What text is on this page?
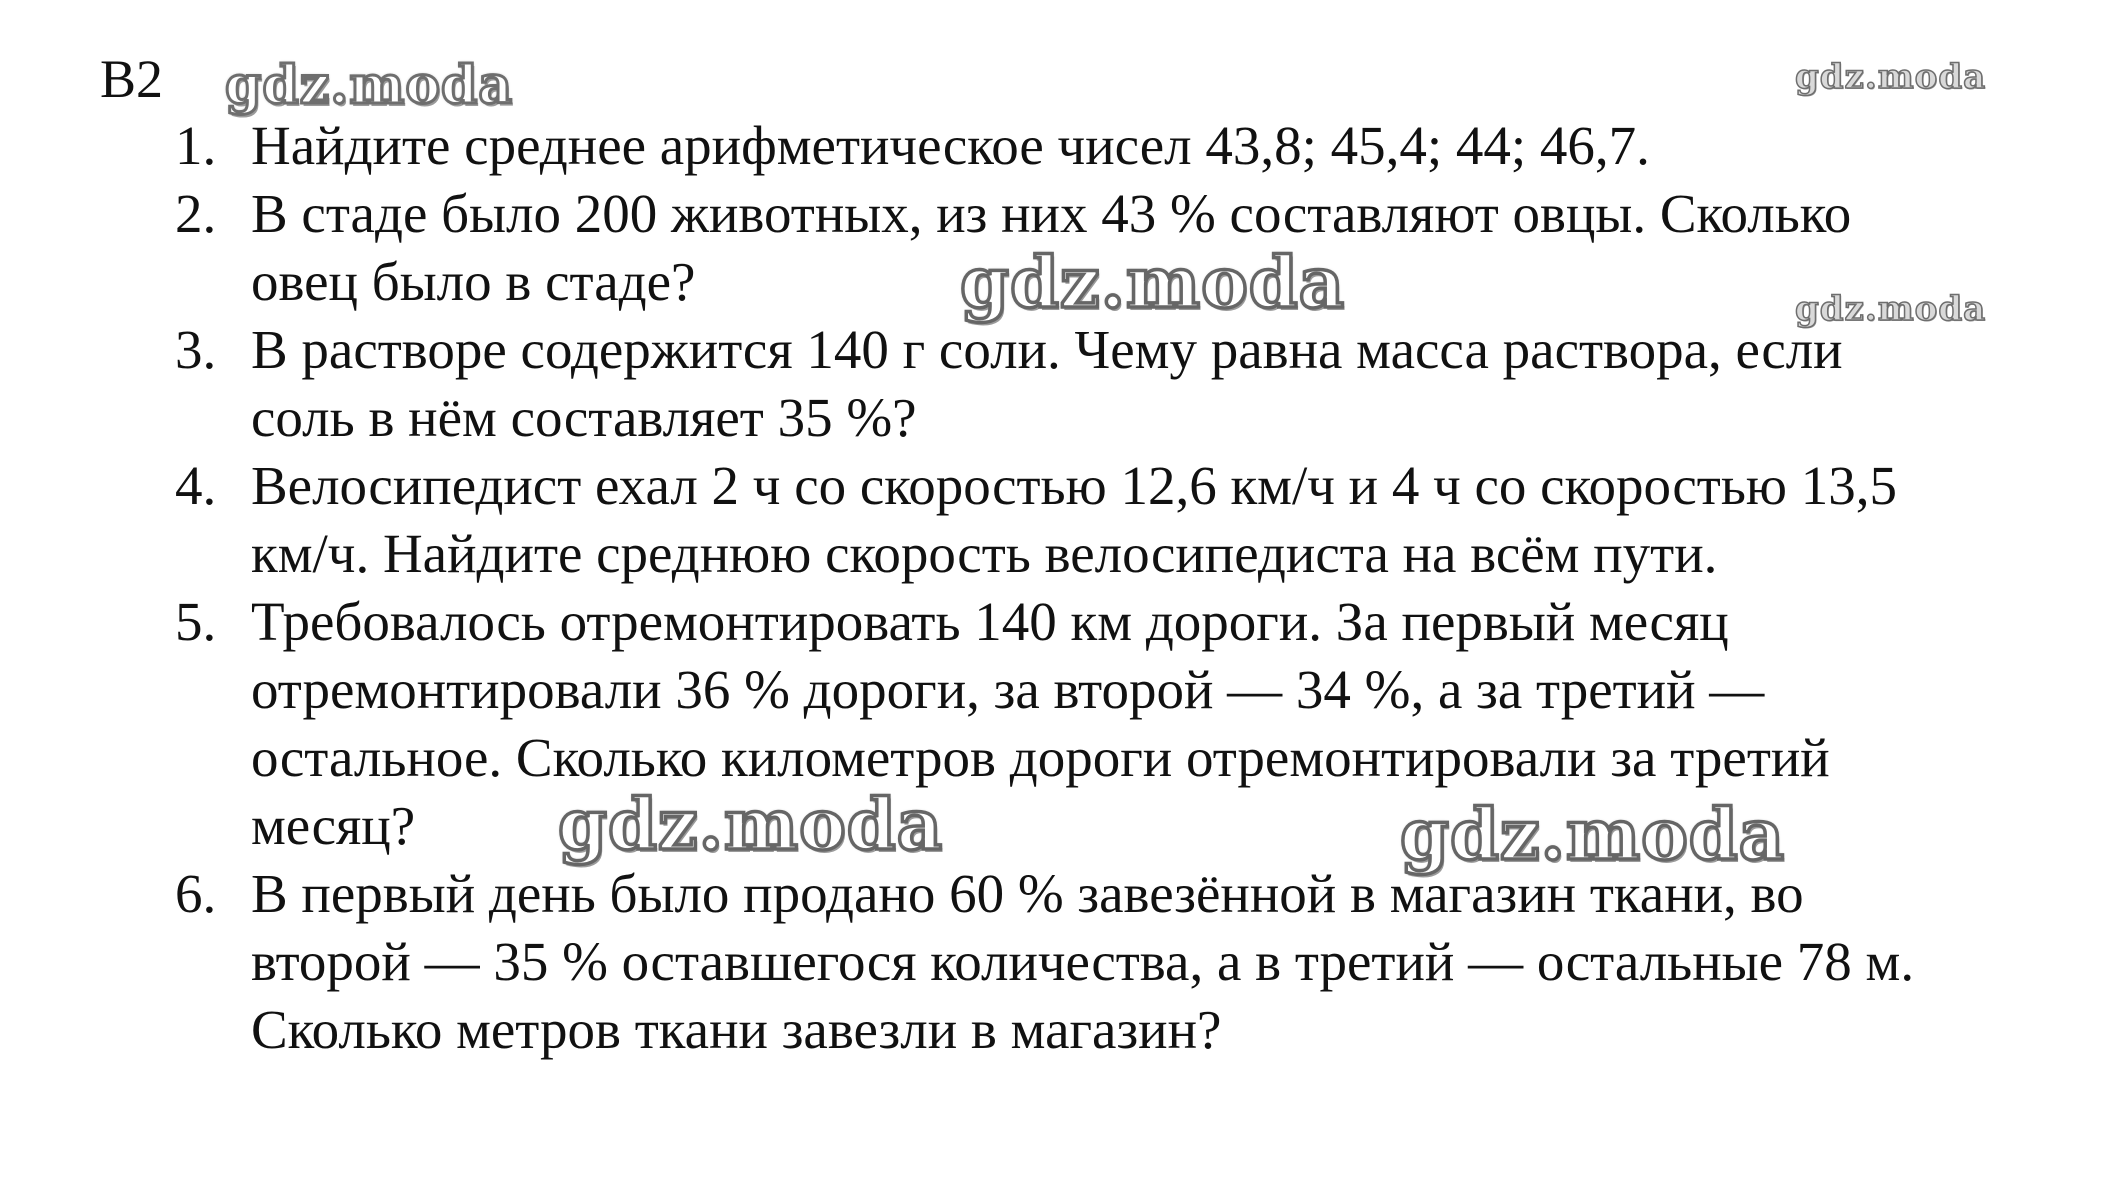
B2
1. Найдите среднее арифметическое чисел 43,8; 45,4; 44; 46,7.
2. В стаде было 200 животных, из них 43 % составляют овцы. Сколько
овец было в стаде?
3. В растворе содержится 140 г соли. Чему равна масса раствора, если
соль в нём составляет 35 %?
4. Велосипедист ехал 2 ч со скоростью 12,6 км/ч и 4 ч со скоростью 13,5
км/ч. Найдите среднюю скорость велосипедиста на всём пути.
5. Требовалось отремонтировать 140 км дороги. За первый месяц
отремонтировали 36 % дороги, за второй — 34 %, а за третий —
остальное. Сколько километров дороги отремонтировали за третий
месяц?
6. В первый день было продано 60 % завезённой в магазин ткани, во
второй — 35 % оставшегося количества, а в третий — остальные 78 м.
Сколько метров ткани завезли в магазин?
gdz.moda	gdz.moda
gdz.moda	gdz.moda
gdz.moda	gdz.moda
